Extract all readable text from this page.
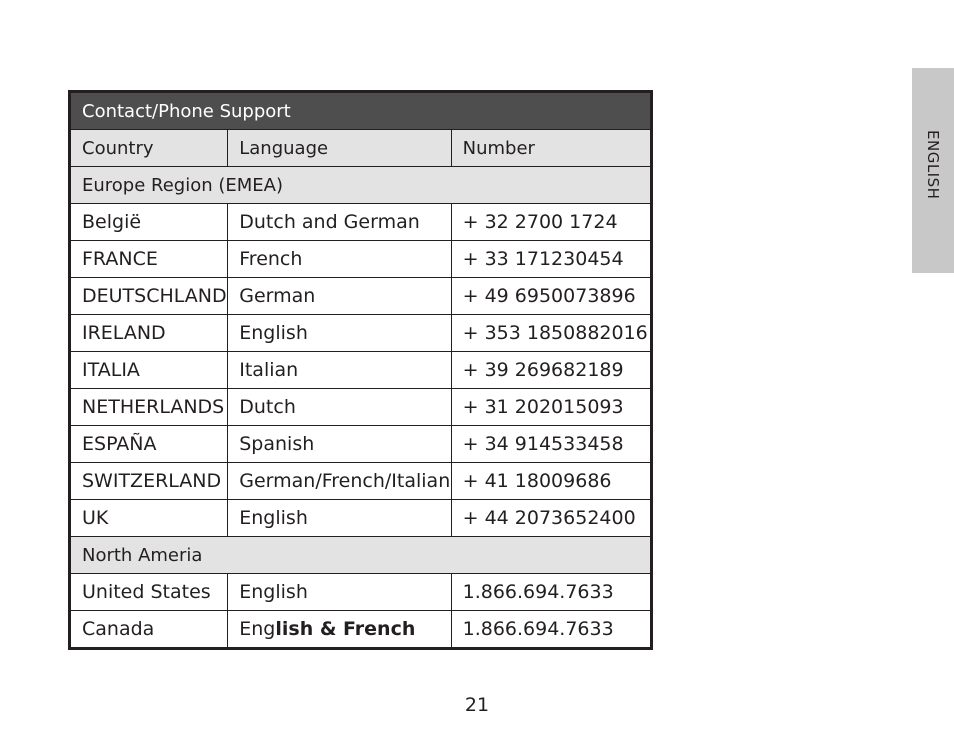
ENGLISH
Contact/Phone Support		
Country	Language	Number
Europe Region (EMEA)		
België	Dutch and German	+ 32 2700 1724
FRANCE	French	+ 33 171230454
DEUTSCHLAND	German	+ 49 6950073896
IRELAND	English	+ 353 1850882016
ITALIA	Italian	+ 39 269682189
NETHERLANDS	Dutch	+ 31 202015093
ESPAÑA	Spanish	+ 34 914533458
SWITZERLAND	German/French/Italian	+ 41 18009686
UK	English	+ 44 2073652400
North Ameria		
United States	English	1.866.694.7633
Canada	English & French	1.866.694.7633
21
